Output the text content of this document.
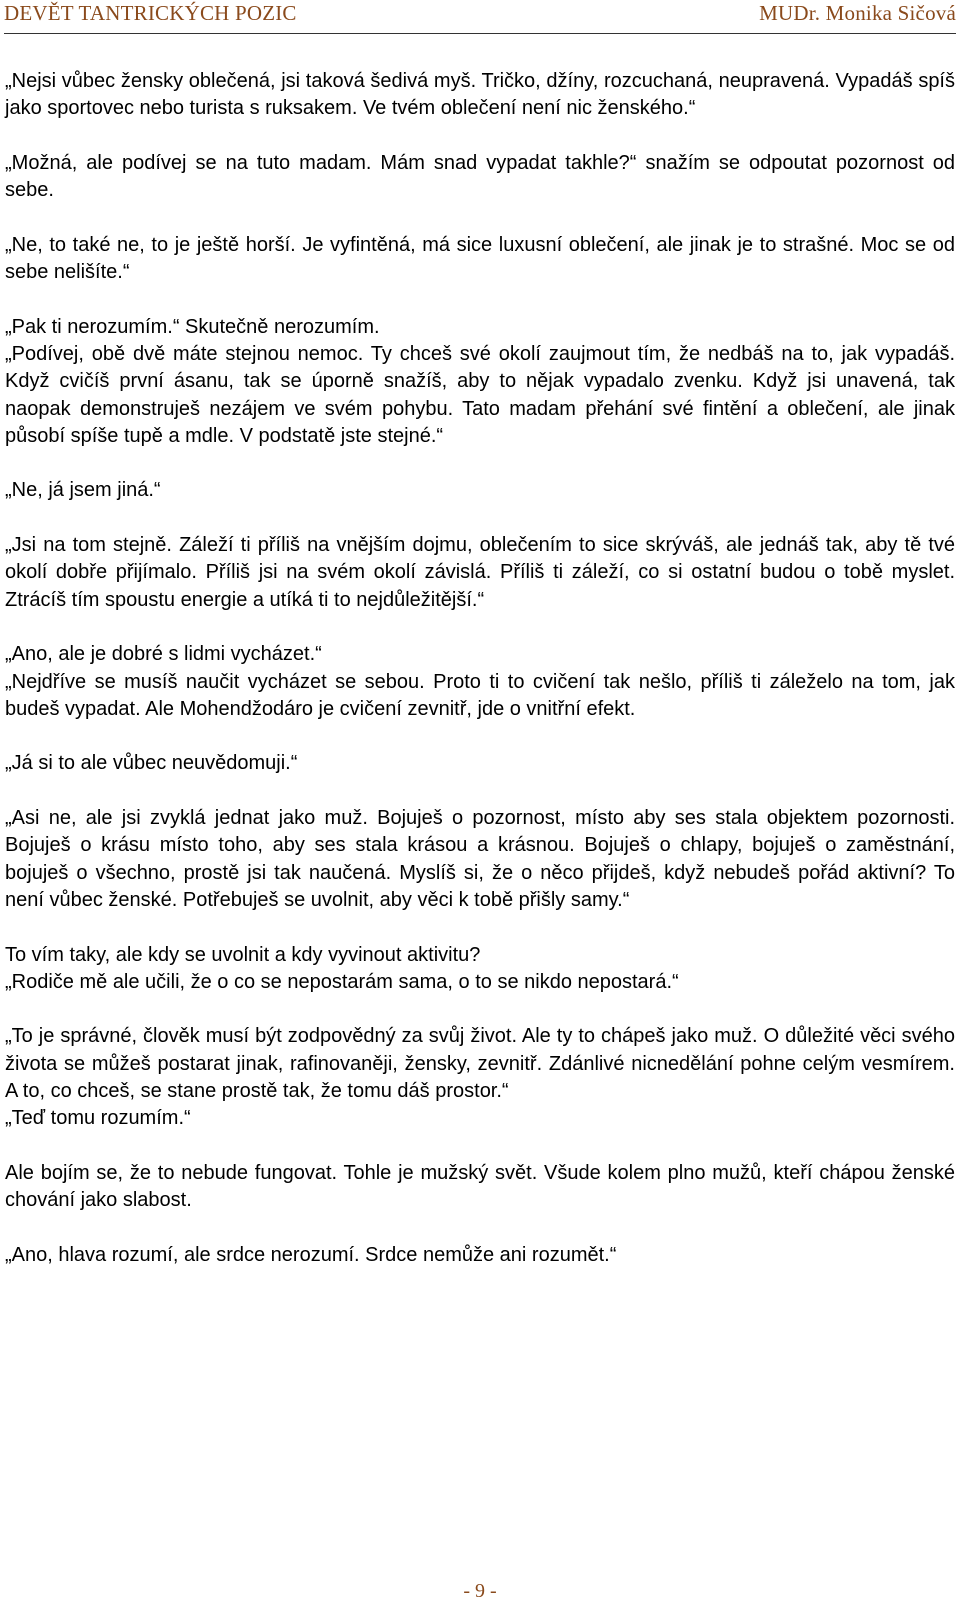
DEVĚT TANTRICKÝCH POZIC	MUDr. Monika Sičová

„Nejsi vůbec žensky oblečená, jsi taková šedivá myš. Tričko, džíny, rozcuchaná, neupravená. Vypadáš spíš jako sportovec nebo turista s ruksakem. Ve tvém oblečení není nic ženského.“

„Možná, ale podívej se na tuto madam. Mám snad vypadat takhle?“ snažím se odpoutat pozornost od sebe.

„Ne, to také ne, to je ještě horší. Je vyfintěná, má sice luxusní oblečení, ale jinak je to strašné. Moc se od sebe nelišíte.“

„Pak ti nerozumím.“ Skutečně nerozumím.

„Podívej, obě dvě máte stejnou nemoc. Ty chceš své okolí zaujmout tím, že nedbáš na to, jak vypadáš. Když cvičíš první ásanu, tak se úporně snažíš, aby to nějak vypadalo zvenku. Když jsi unavená, tak naopak demonstruješ nezájem ve svém pohybu. Tato madam přehání své fintění a oblečení, ale jinak působí spíše tupě a mdle. V podstatě jste stejné.“

„Ne, já jsem jiná.“

„Jsi na tom stejně. Záleží ti příliš na vnějším dojmu, oblečením to sice skrýváš, ale jednáš tak, aby tě tvé okolí dobře přijímalo. Příliš jsi na svém okolí závislá. Příliš ti záleží, co si ostatní budou o tobě myslet. Ztrácíš tím spoustu energie a utíká ti to nejdůležitější.“

„Ano, ale je dobré s lidmi vycházet.“

„Nejdříve se musíš naučit vycházet se sebou. Proto ti to cvičení tak nešlo, příliš ti záleželo na tom, jak budeš vypadat. Ale Mohendžodáro je cvičení zevnitř, jde o vnitřní efekt.

„Já si to ale vůbec neuvědomuji.“

„Asi ne, ale jsi zvyklá jednat jako muž. Bojuješ o pozornost, místo aby ses stala objektem pozornosti. Bojuješ o krásu místo toho, aby ses stala krásou a krásnou. Bojuješ o chlapy, bojuješ o zaměstnání, bojuješ o všechno, prostě jsi tak naučená. Myslíš si, že o něco přijdeš, když nebudeš pořád aktivní? To není vůbec ženské. Potřebuješ se uvolnit, aby věci k tobě přišly samy.“

To vím taky, ale kdy se uvolnit a kdy vyvinout aktivitu?

„Rodiče mě ale učili, že o co se nepostarám sama, o to se nikdo nepostará.“

„To je správné, člověk musí být zodpovědný za svůj život. Ale ty to chápeš jako muž. O důležité věci svého života se můžeš postarat jinak, rafinovaněji, žensky, zevnitř. Zdánlivé nicnedělání pohne celým vesmírem. A to, co chceš, se stane prostě tak, že tomu dáš prostor.“

„Teď tomu rozumím.“

Ale bojím se, že to nebude fungovat. Tohle je mužský svět. Všude kolem plno mužů, kteří chápou ženské chování jako slabost.

„Ano, hlava rozumí, ale srdce nerozumí. Srdce nemůže ani rozumět.“

- 9 -
